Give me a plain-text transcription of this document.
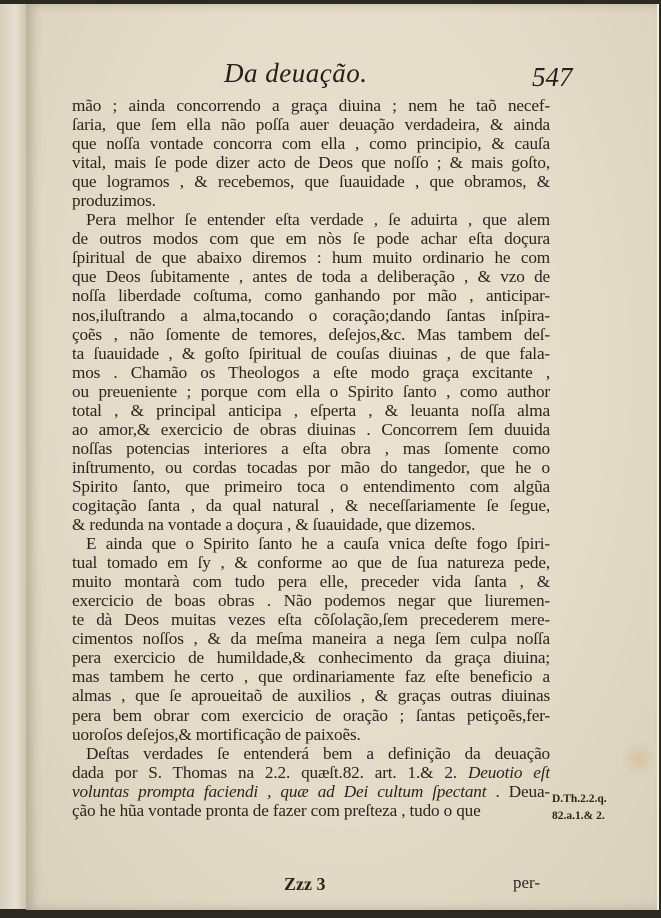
Da deuação.	547
mão ; ainda concorrendo a graça diuina ; nem he taõ necef-
ſaria, que ſem ella não poſſa auer deuação verdadeira, & ainda
que noſſa vontade concorra com ella , como principio, & cauſa
vital, mais ſe pode dizer acto de Deos que noſſo ; & mais goſto,
que logramos , & recebemos, que ſuauidade , que obramos, &
produzimos.
Pera melhor ſe entender eſta verdade , ſe aduirta , que alem
de outros modos com que em nòs ſe pode achar eſta doçura
ſpiritual de que abaixo diremos : hum muito ordinario he com
que Deos ſubitamente , antes de toda a deliberação , & vzo de
noſſa liberdade coſtuma, como ganhando por mão , anticipar-
nos,iluſtrando a alma,tocando o coração;dando ſantas inſpira-
çoẽs , não ſomente de temores, deſejos,&c. Mas tambem deſ-
ta ſuauidade , & goſto ſpiritual de couſas diuinas , de que fala-
mos . Chamão os Theologos a eſte modo graça excitante ,
ou preueniente ; porque com ella o Spirito ſanto , como author
total , & principal anticipa , eſperta , & leuanta noſſa alma
ao amor,& exercicio de obras diuinas . Concorrem ſem duuida
noſſas potencias interiores a eſta obra , mas ſomente como
inſtrumento, ou cordas tocadas por mão do tangedor, que he o
Spirito ſanto, que primeiro toca o entendimento com algũa
cogitação ſanta , da qual natural , & neceſſariamente ſe ſegue,
& redunda na vontade a doçura , & ſuauidade, que dizemos.
E ainda que o Spirito ſanto he a cauſa vnica deſte fogo ſpiri-
tual tomado em ſy , & conforme ao que de ſua natureza pede,
muito montarà com tudo pera elle, preceder vida ſanta , &
exercicio de boas obras . Não podemos negar que liuremen-
te dà Deos muitas vezes eſta cõſolação,ſem precederem mere-
cimentos noſſos , & da meſma maneira a nega ſem culpa noſſa
pera exercicio de humildade,& conhecimento da graça diuina;
mas tambem he certo , que ordinariamente faz eſte beneficio a
almas , que ſe aproueitaõ de auxilios , & graças outras diuinas
pera bem obrar com exercicio de oração ; ſantas petiçoẽs,fer-
uoroſos deſejos,& mortificação de paixoẽs.
Deſtas verdades ſe entenderá bem a definição da deuação
dada por S. Thomas na 2.2. quæſt.82. art. 1.& 2. Deuotio eſt
voluntas prompta faciendi , quæ ad Dei cultum ſpectant . Deua-
ção he hũa vontade pronta de fazer com preſteza , tudo o que
D.Th.2.2.q.
82.a.1.& 2.
Zzz 3	per-
